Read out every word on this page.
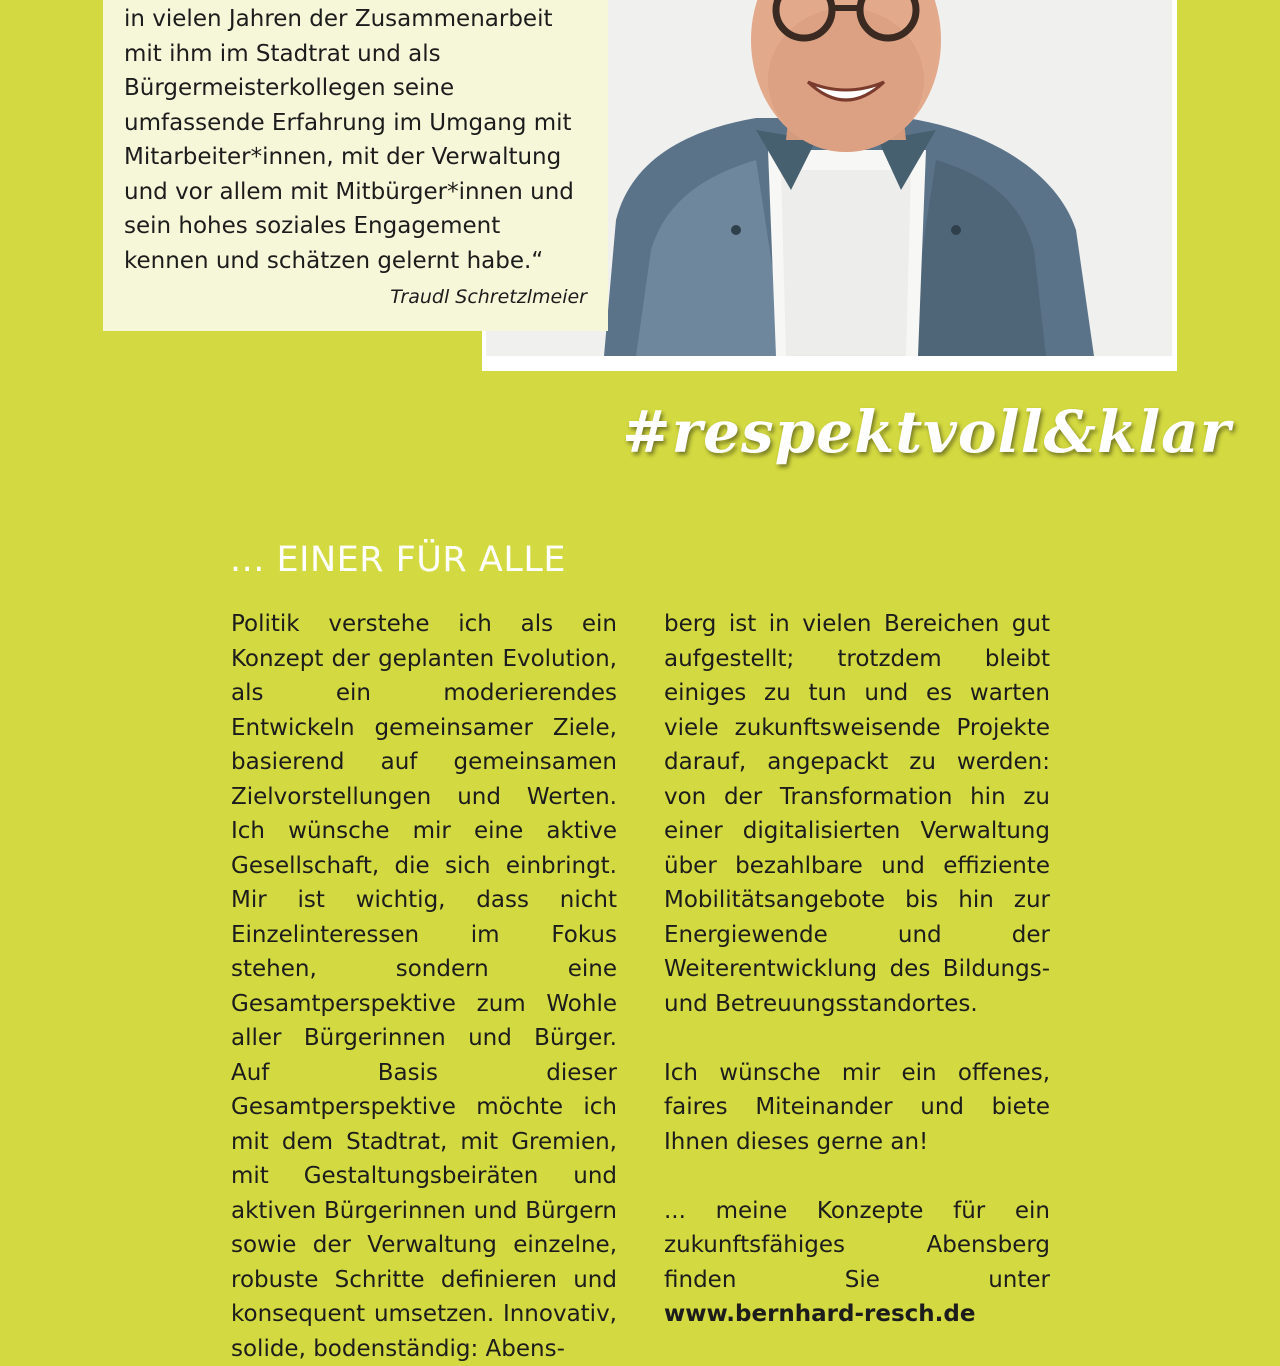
in vielen Jahren der Zusammenarbeit
mit ihm im Stadtrat und als
Bürgermeisterkollegen seine
umfassende Erfahrung im Umgang mit
Mitarbeiter*innen, mit der Verwaltung
und vor allem mit Mitbürger*innen und
sein hohes soziales Engagement
kennen und schätzen gelernt habe.“

Traudl Schretzlmeier
#respektvoll&klar
... EINER FÜR ALLE

Politik verstehe ich als ein Konzept der geplanten Evolution, als ein moderierendes Entwickeln gemeinsamer Ziele, basierend auf gemeinsamen Zielvorstellungen und Werten. Ich wünsche mir eine aktive Gesellschaft, die sich einbringt. Mir ist wichtig, dass nicht Einzelinteressen im Fokus stehen, sondern eine Gesamtperspektive zum Wohle aller Bürgerinnen und Bürger. Auf Basis dieser Gesamtperspektive möchte ich mit dem Stadtrat, mit Gremien, mit Gestaltungsbeiräten und aktiven Bürgerinnen und Bürgern sowie der Verwaltung einzelne, robuste Schritte definieren und konsequent umsetzen. Innovativ, solide, bodenständig: Abens-

berg ist in vielen Bereichen gut aufgestellt; trotzdem bleibt einiges zu tun und es warten viele zukunftsweisende Projekte darauf, angepackt zu werden: von der Transformation hin zu einer digitalisierten Verwaltung über bezahlbare und effiziente Mobilitätsangebote bis hin zur Energiewende und der Weiterentwicklung des Bildungs- und Betreuungsstandortes.

Ich wünsche mir ein offenes, faires Miteinander und biete Ihnen dieses gerne an!

... meine Konzepte für ein zukunftsfähiges Abensberg finden Sie unter www.bernhard-resch.de
